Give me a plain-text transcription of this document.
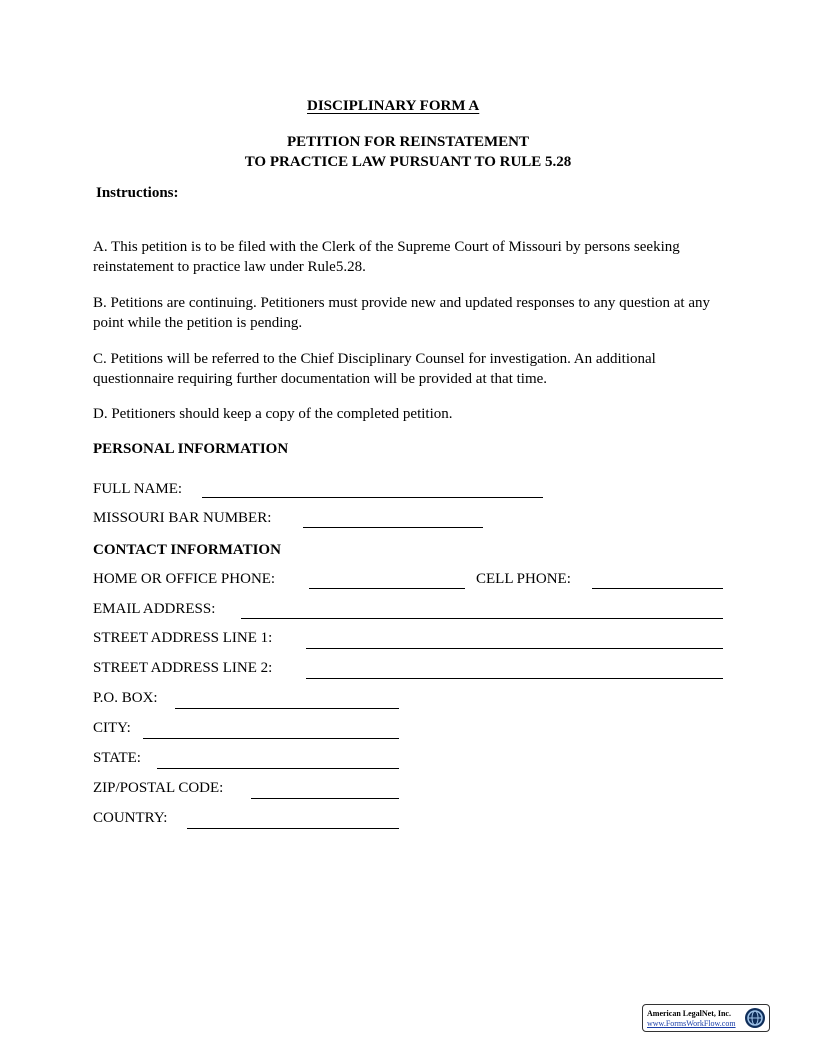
DISCIPLINARY FORM A
PETITION FOR REINSTATEMENT
TO PRACTICE LAW PURSUANT TO RULE 5.28
Instructions:
A. This petition is to be filed with the Clerk of the Supreme Court of Missouri by persons seeking reinstatement to practice law under Rule5.28.
B. Petitions are continuing. Petitioners must provide new and updated responses to any question at any point while the petition is pending.
C. Petitions will be referred to the Chief Disciplinary Counsel for investigation. An additional questionnaire requiring further documentation will be provided at that time.
D. Petitioners should keep a copy of the completed petition.
PERSONAL INFORMATION
FULL NAME:
MISSOURI BAR NUMBER:
CONTACT INFORMATION
HOME OR OFFICE PHONE:	CELL PHONE:
EMAIL ADDRESS:
STREET ADDRESS LINE 1:
STREET ADDRESS LINE 2:
P.O. BOX:
CITY:
STATE:
ZIP/POSTAL CODE:
COUNTRY:
American LegalNet, Inc.
www.FormsWorkFlow.com
